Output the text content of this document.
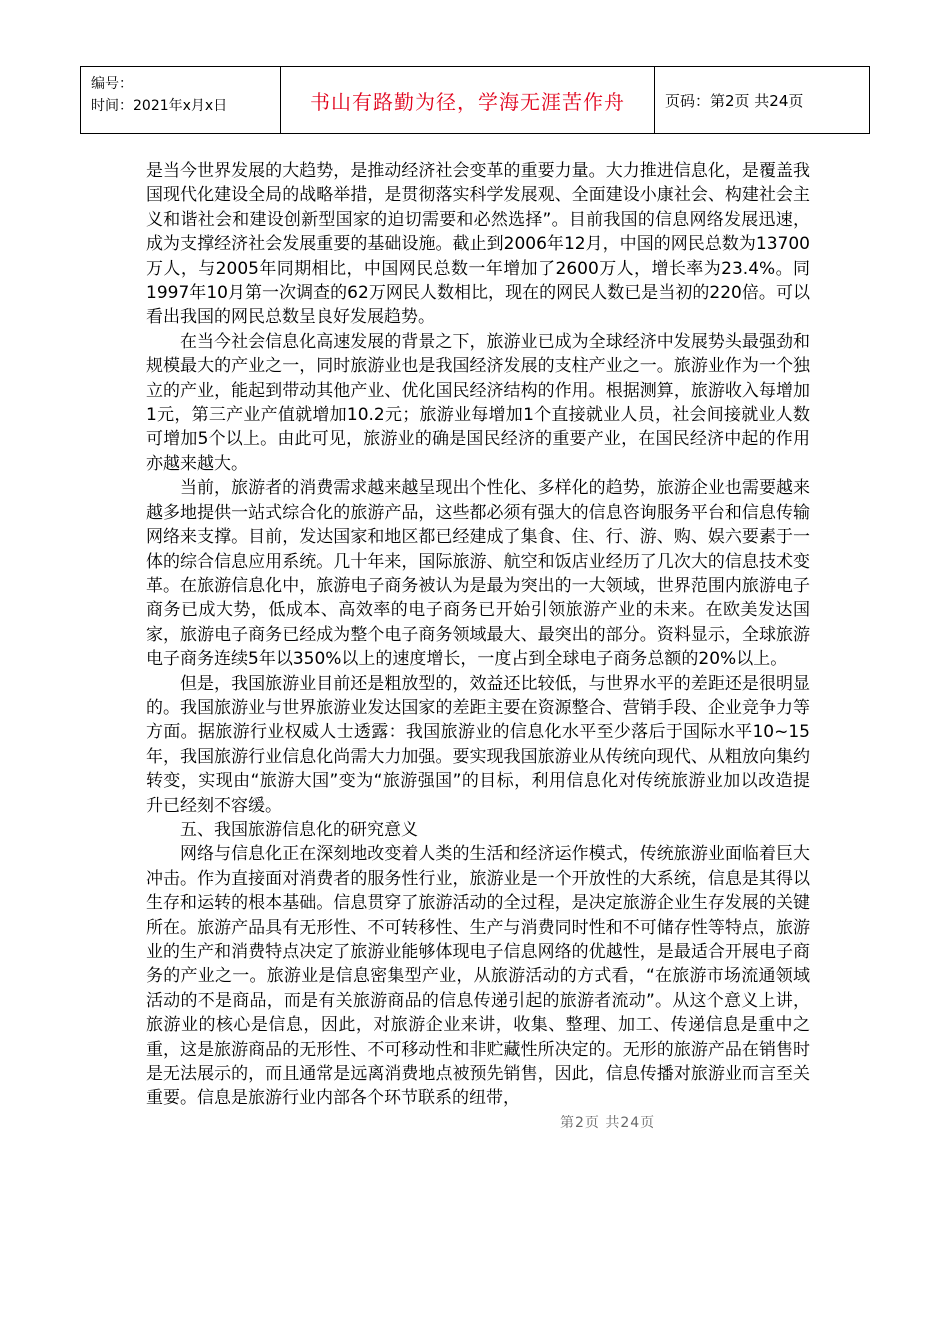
编号：
时间：2021年x月x日	书山有路勤为径，学海无涯苦作舟	页码：第2页 共24页

是当今世界发展的大趋势，是推动经济社会变革的重要力量。大力推进信息化，是覆盖我国现代化建设全局的战略举措，是贯彻落实科学发展观、全面建设小康社会、构建社会主义和谐社会和建设创新型国家的迫切需要和必然选择”。目前我国的信息网络发展迅速，成为支撑经济社会发展重要的基础设施。截止到2006年12月，中国的网民总数为13700万人，与2005年同期相比，中国网民总数一年增加了2600万人，增长率为23.4%。同1997年10月第一次调查的62万网民人数相比，现在的网民人数已是当初的220倍。可以看出我国的网民总数呈良好发展趋势。

在当今社会信息化高速发展的背景之下，旅游业已成为全球经济中发展势头最强劲和规模最大的产业之一，同时旅游业也是我国经济发展的支柱产业之一。旅游业作为一个独立的产业，能起到带动其他产业、优化国民经济结构的作用。根据测算，旅游收入每增加1元，第三产业产值就增加10.2元；旅游业每增加1个直接就业人员，社会间接就业人数可增加5个以上。由此可见，旅游业的确是国民经济的重要产业，在国民经济中起的作用亦越来越大。

当前，旅游者的消费需求越来越呈现出个性化、多样化的趋势，旅游企业也需要越来越多地提供一站式综合化的旅游产品，这些都必须有强大的信息咨询服务平台和信息传输网络来支撑。目前，发达国家和地区都已经建成了集食、住、行、游、购、娱六要素于一体的综合信息应用系统。几十年来，国际旅游、航空和饭店业经历了几次大的信息技术变革。在旅游信息化中，旅游电子商务被认为是最为突出的一大领域，世界范围内旅游电子商务已成大势，低成本、高效率的电子商务已开始引领旅游产业的未来。在欧美发达国家，旅游电子商务已经成为整个电子商务领域最大、最突出的部分。资料显示，全球旅游电子商务连续5年以350%以上的速度增长，一度占到全球电子商务总额的20%以上。

但是，我国旅游业目前还是粗放型的，效益还比较低，与世界水平的差距还是很明显的。我国旅游业与世界旅游业发达国家的差距主要在资源整合、营销手段、企业竞争力等方面。据旅游行业权威人士透露：我国旅游业的信息化水平至少落后于国际水平10~15年，我国旅游行业信息化尚需大力加强。要实现我国旅游业从传统向现代、从粗放向集约转变，实现由“旅游大国”变为“旅游强国”的目标，利用信息化对传统旅游业加以改造提升已经刻不容缓。

五、我国旅游信息化的研究意义

网络与信息化正在深刻地改变着人类的生活和经济运作模式，传统旅游业面临着巨大冲击。作为直接面对消费者的服务性行业，旅游业是一个开放性的大系统，信息是其得以生存和运转的根本基础。信息贯穿了旅游活动的全过程，是决定旅游企业生存发展的关键所在。旅游产品具有无形性、不可转移性、生产与消费同时性和不可储存性等特点，旅游业的生产和消费特点决定了旅游业能够体现电子信息网络的优越性，是最适合开展电子商务的产业之一。旅游业是信息密集型产业，从旅游活动的方式看，“在旅游市场流通领域活动的不是商品，而是有关旅游商品的信息传递引起的旅游者流动”。从这个意义上讲，旅游业的核心是信息，因此，对旅游企业来讲，收集、整理、加工、传递信息是重中之重，这是旅游商品的无形性、不可移动性和非贮藏性所决定的。无形的旅游产品在销售时是无法展示的，而且通常是远离消费地点被预先销售，因此，信息传播对旅游业而言至关重要。信息是旅游行业内部各个环节联系的纽带，

第2页 共24页
